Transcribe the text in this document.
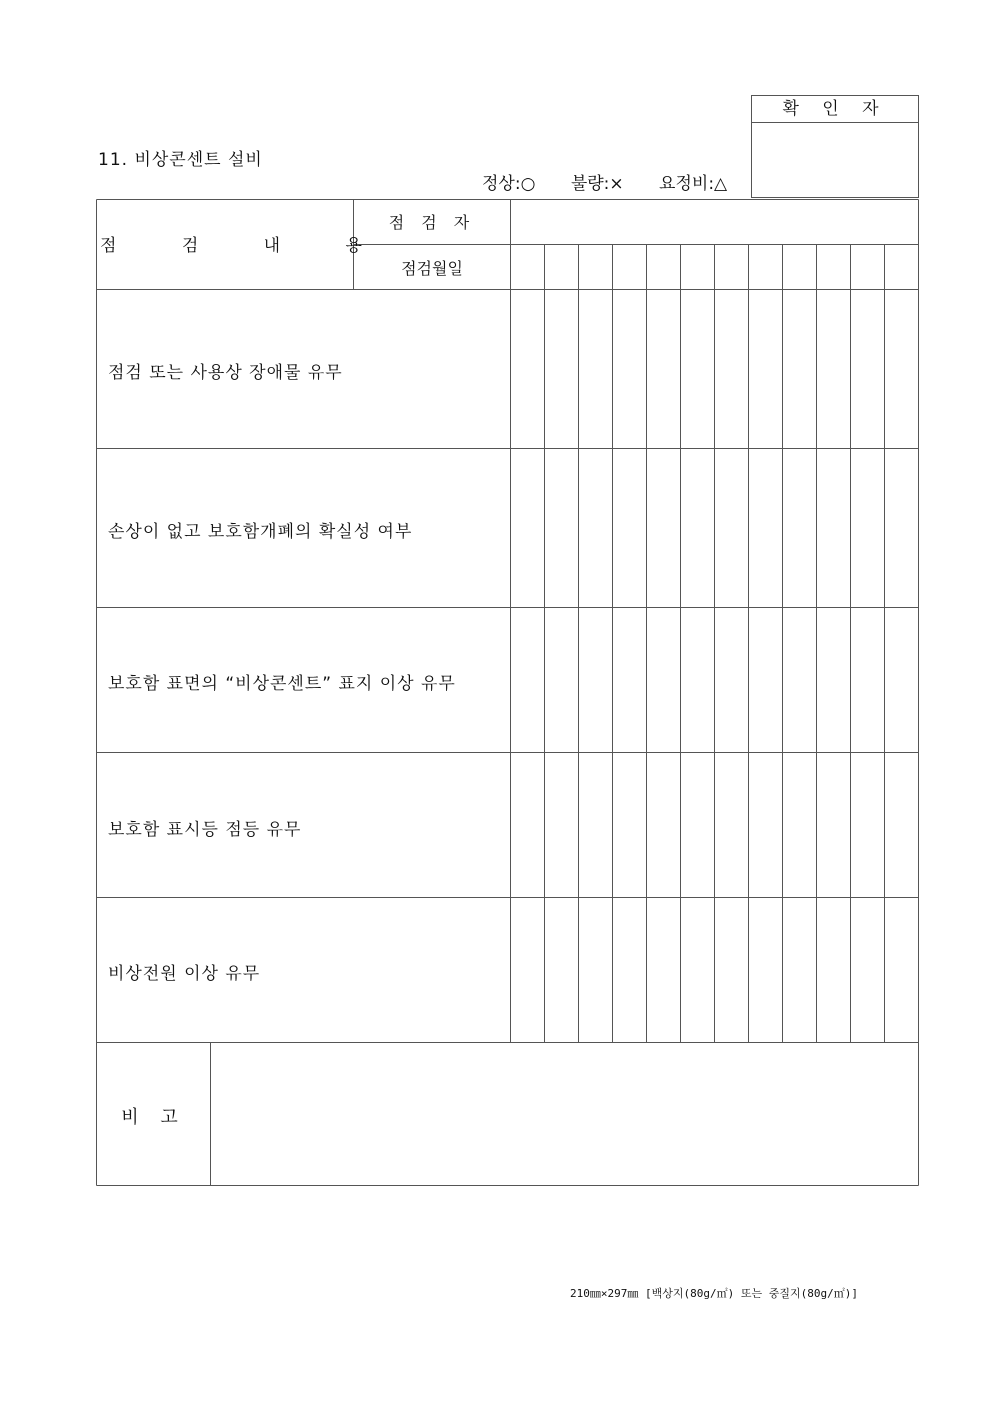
11. 비상콘센트 설비
정상:○ 불량:× 요정비:△
확 인 자
점 검 내 용
점 검 자
점검월일
점검 또는 사용상 장애물 유무
손상이 없고 보호함개폐의 확실성 여부
보호함 표면의 “비상콘센트” 표지 이상 유무
보호함 표시등 점등 유무
비상전원 이상 유무
비 고
210㎜×297㎜ [백상지(80g/㎡) 또는 중질지(80g/㎡)]
